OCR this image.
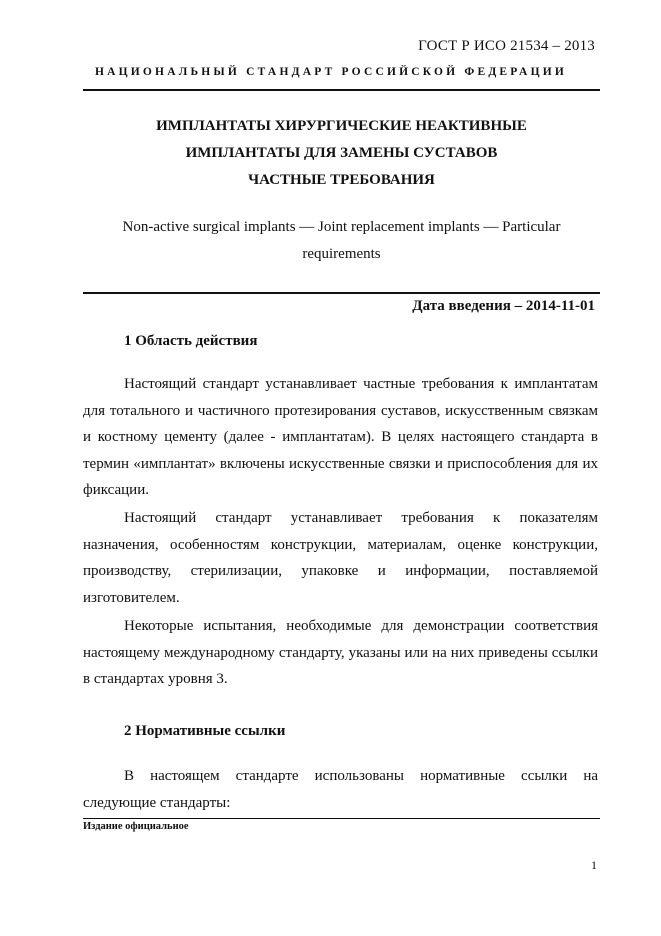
ГОСТ Р ИСО 21534 – 2013
НАЦИОНАЛЬНЫЙ СТАНДАРТ РОССИЙСКОЙ ФЕДЕРАЦИИ
ИМПЛАНТАТЫ ХИРУРГИЧЕСКИЕ НЕАКТИВНЫЕ
ИМПЛАНТАТЫ ДЛЯ ЗАМЕНЫ СУСТАВОВ
ЧАСТНЫЕ ТРЕБОВАНИЯ
Non-active surgical implants — Joint replacement implants — Particular requirements
Дата введения – 2014-11-01
1 Область действия

Настоящий стандарт устанавливает частные требования к имплантатам для тотального и частичного протезирования суставов, искусственным связкам и костному цементу (далее - имплантатам). В целях настоящего стандарта в термин «имплантат» включены искусственные связки и приспособления для их фиксации.

Настоящий стандарт устанавливает требования к показателям назначения, особенностям конструкции, материалам, оценке конструкции, производству, стерилизации, упаковке и информации, поставляемой изготовителем.

Некоторые испытания, необходимые для демонстрации соответствия настоящему международному стандарту, указаны или на них приведены ссылки в стандартах уровня 3.

2 Нормативные ссылки

В настоящем стандарте использованы нормативные ссылки на следующие стандарты:

Издание официальное
1
